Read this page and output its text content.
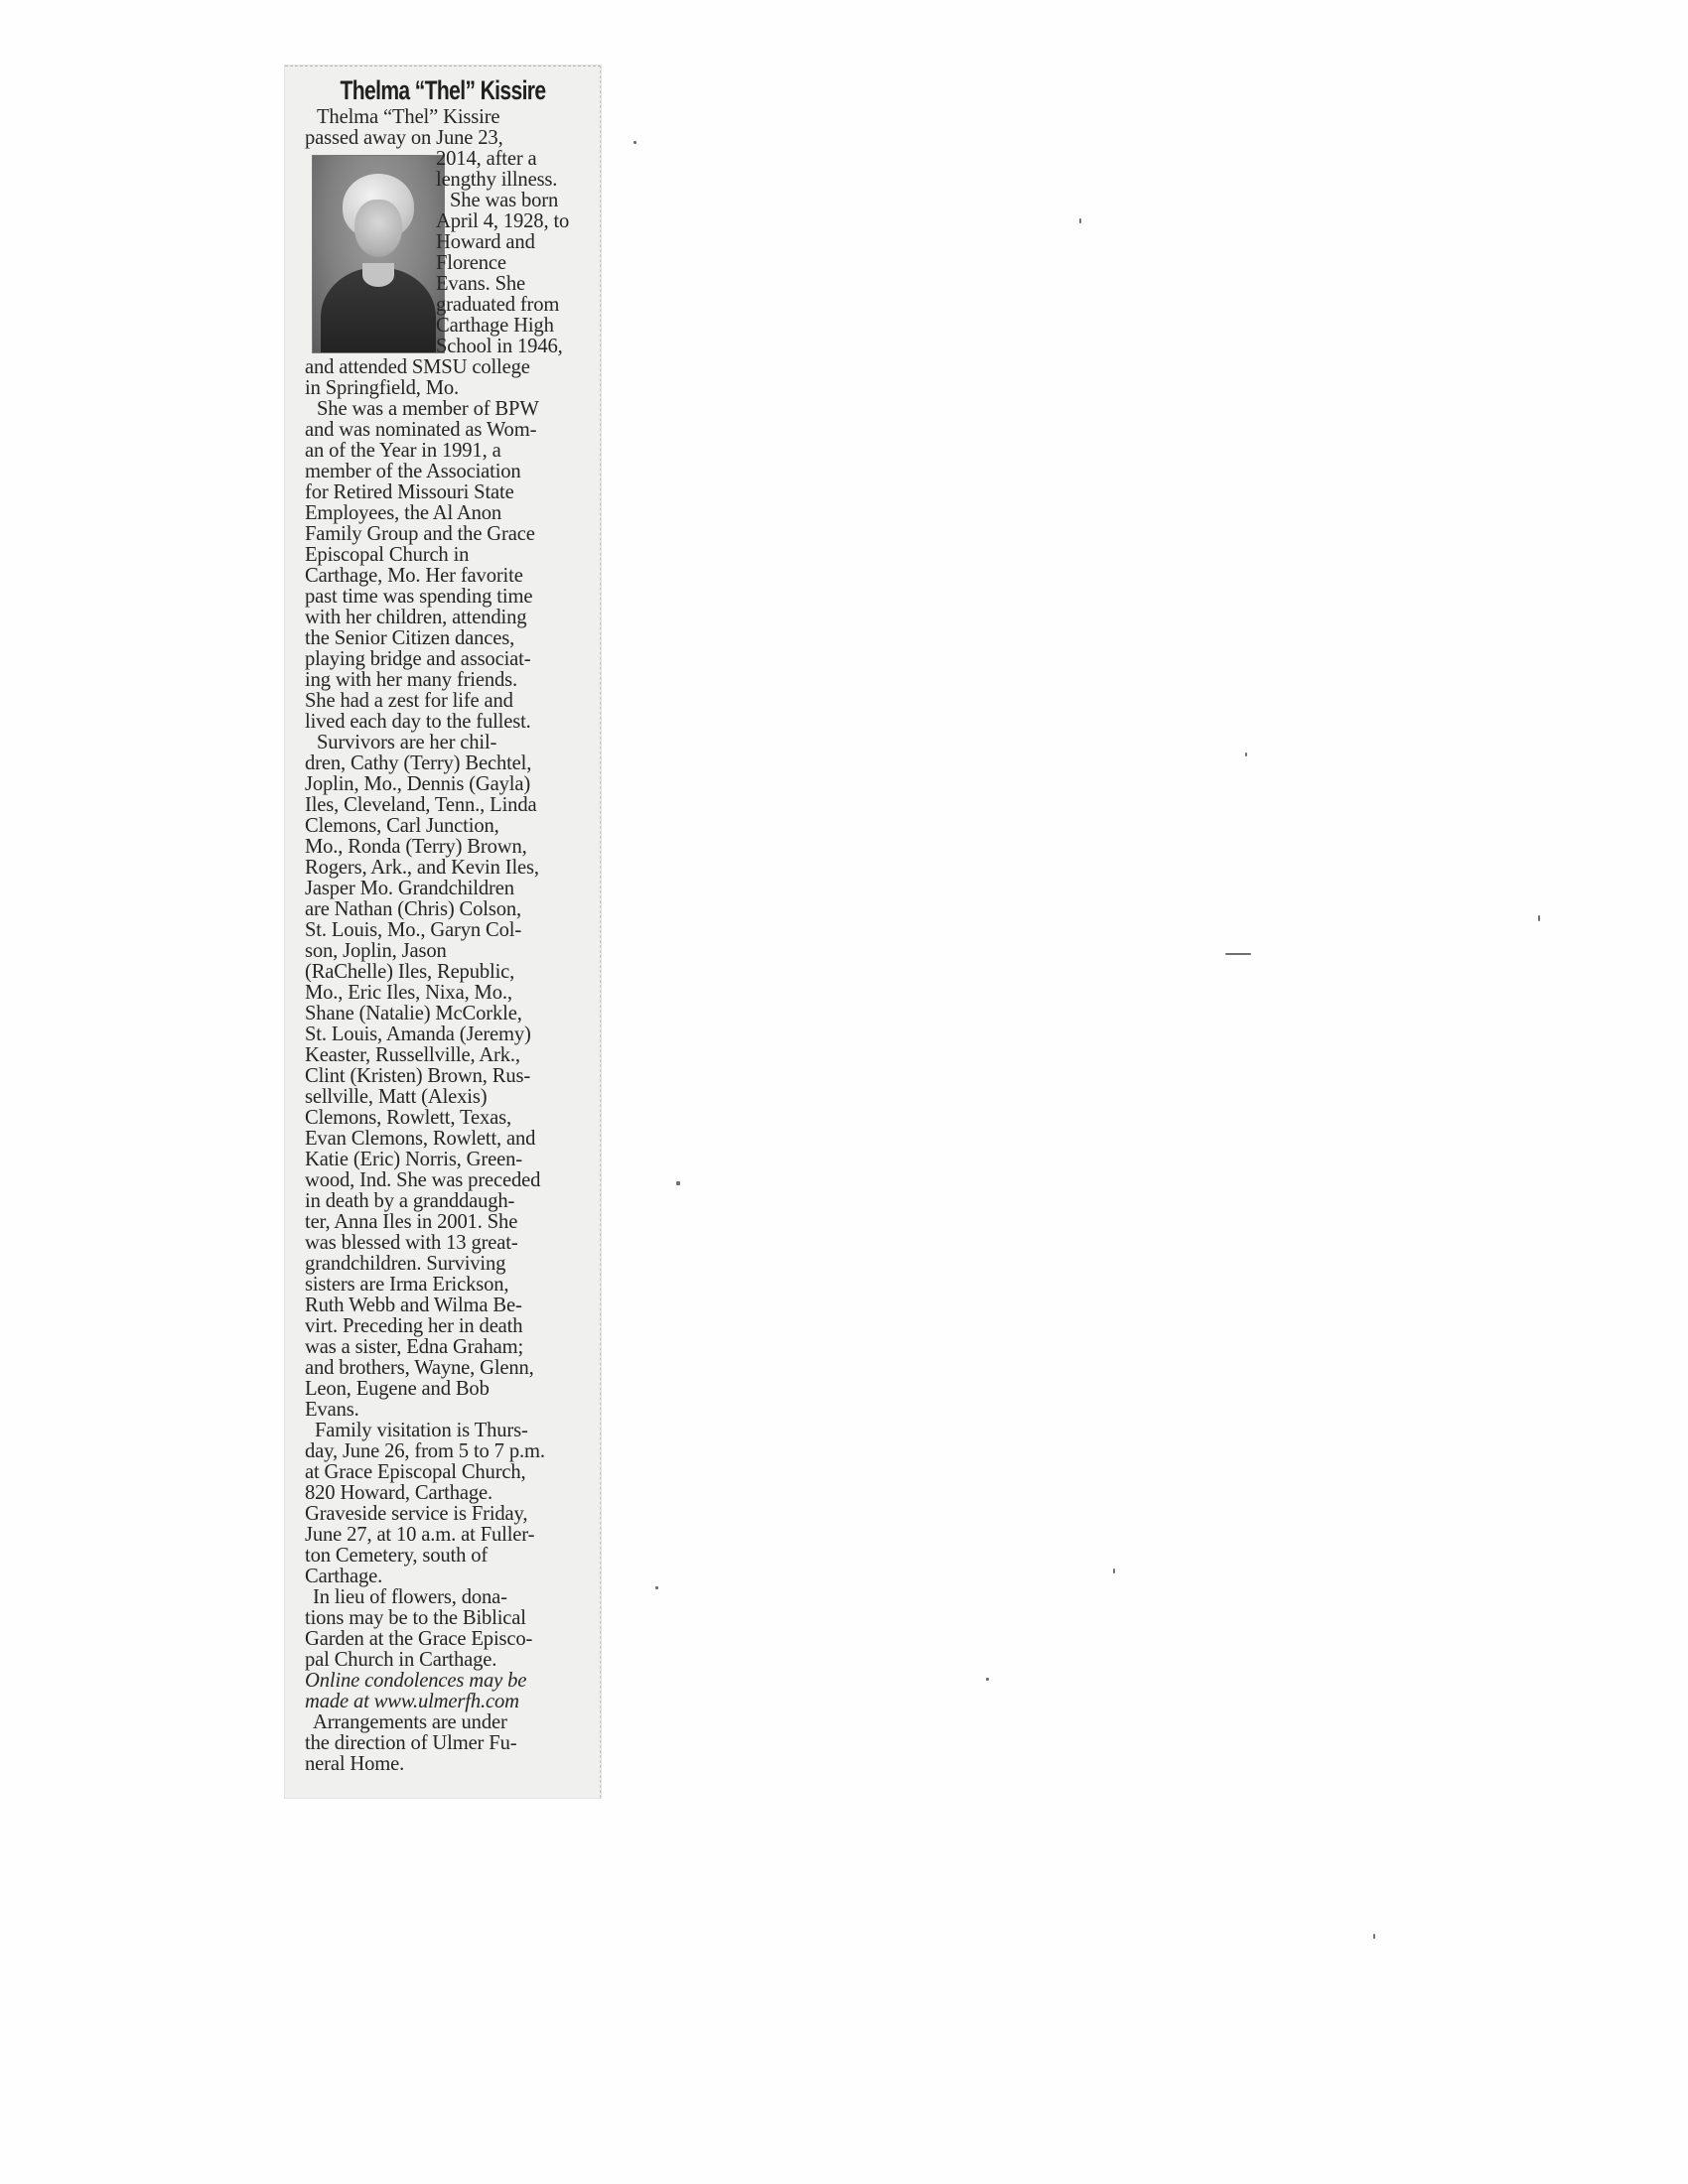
Thelma “Thel” Kissire
Thelma “Thel” Kissire
passed away on June 23,
2014, after a
lengthy illness.
She was born
April 4, 1928, to
Howard and
Florence
Evans. She
graduated from
Carthage High
School in 1946,
and attended SMSU college
in Springfield, Mo.
She was a member of BPW
and was nominated as Wom-
an of the Year in 1991, a
member of the Association
for Retired Missouri State
Employees, the Al Anon
Family Group and the Grace
Episcopal Church in
Carthage, Mo. Her favorite
past time was spending time
with her children, attending
the Senior Citizen dances,
playing bridge and associat-
ing with her many friends.
She had a zest for life and
lived each day to the fullest.
Survivors are her chil-
dren, Cathy (Terry) Bechtel,
Joplin, Mo., Dennis (Gayla)
Iles, Cleveland, Tenn., Linda
Clemons, Carl Junction,
Mo., Ronda (Terry) Brown,
Rogers, Ark., and Kevin Iles,
Jasper Mo. Grandchildren
are Nathan (Chris) Colson,
St. Louis, Mo., Garyn Col-
son, Joplin, Jason
(RaChelle) Iles, Republic,
Mo., Eric Iles, Nixa, Mo.,
Shane (Natalie) McCorkle,
St. Louis, Amanda (Jeremy)
Keaster, Russellville, Ark.,
Clint (Kristen) Brown, Rus-
sellville, Matt (Alexis)
Clemons, Rowlett, Texas,
Evan Clemons, Rowlett, and
Katie (Eric) Norris, Green-
wood, Ind. She was preceded
in death by a granddaugh-
ter, Anna Iles in 2001. She
was blessed with 13 great-
grandchildren. Surviving
sisters are Irma Erickson,
Ruth Webb and Wilma Be-
virt. Preceding her in death
was a sister, Edna Graham;
and brothers, Wayne, Glenn,
Leon, Eugene and Bob
Evans.
Family visitation is Thurs-
day, June 26, from 5 to 7 p.m.
at Grace Episcopal Church,
820 Howard, Carthage.
Graveside service is Friday,
June 27, at 10 a.m. at Fuller-
ton Cemetery, south of
Carthage.
In lieu of flowers, dona-
tions may be to the Biblical
Garden at the Grace Episco-
pal Church in Carthage.
Online condolences may be
made at www.ulmerfh.com
Arrangements are under
the direction of Ulmer Fu-
neral Home.
